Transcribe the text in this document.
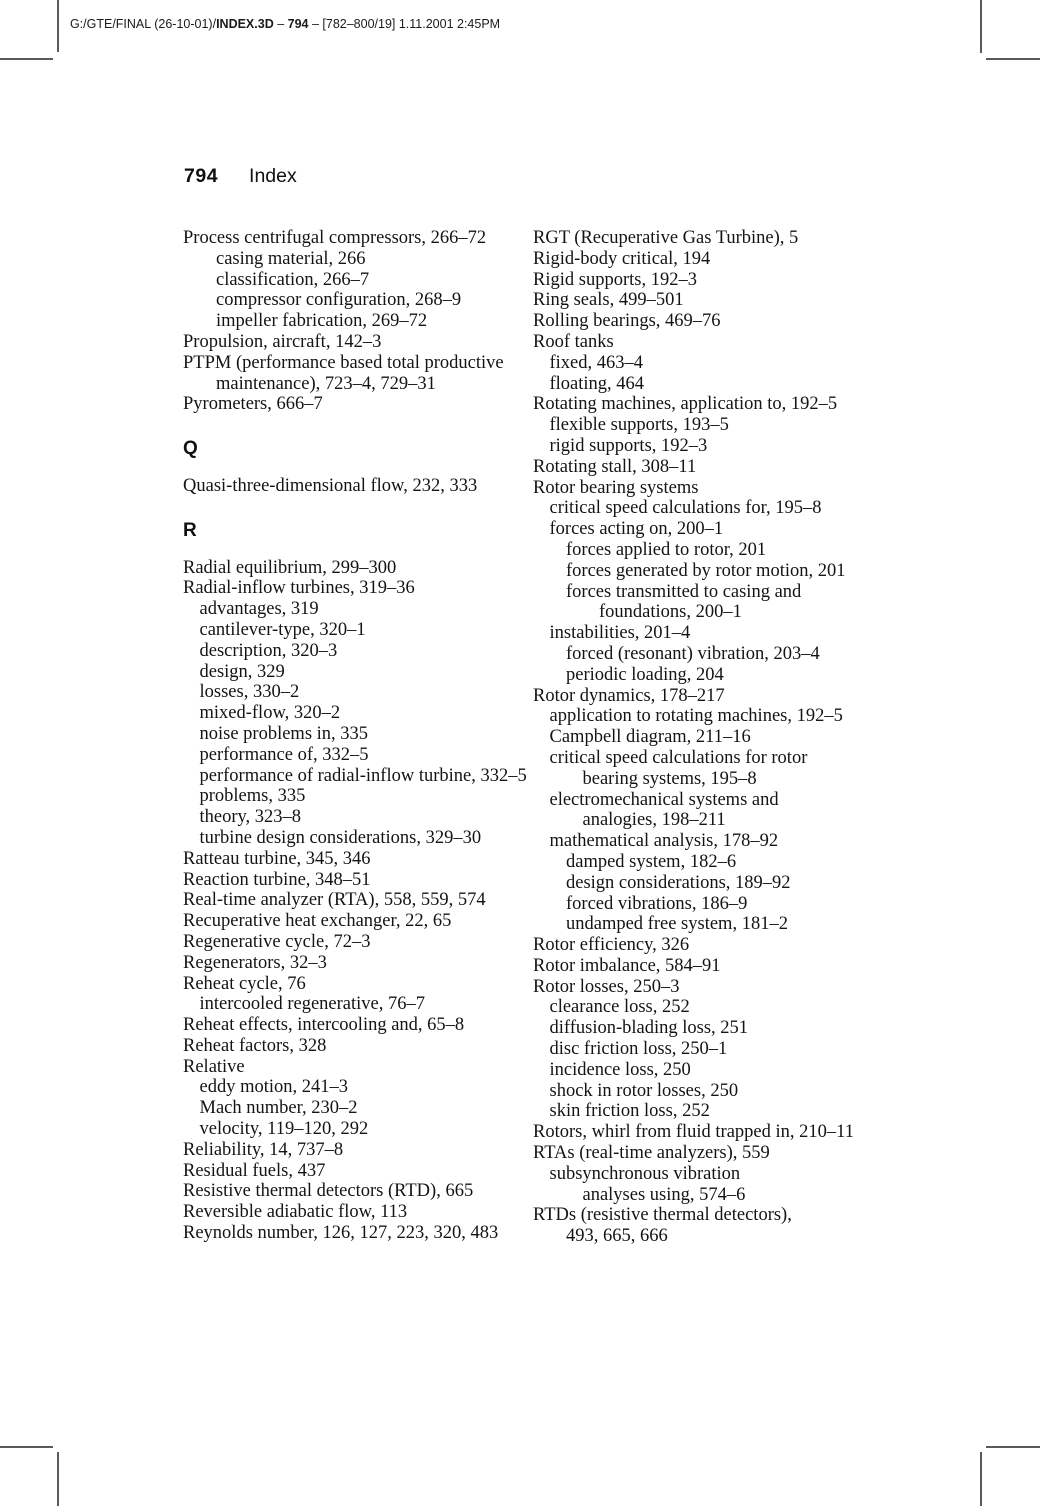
G:/GTE/FINAL (26-10-01)/INDEX.3D – 794 – [782–800/19] 1.11.2001 2:45PM

794 Index
Process centrifugal compressors, 266–72
casing material, 266
classification, 266–7
compressor configuration, 268–9
impeller fabrication, 269–72
Propulsion, aircraft, 142–3
PTPM (performance based total productive
maintenance), 723–4, 729–31
Pyrometers, 666–7
Q
Quasi-three-dimensional flow, 232, 333
R
Radial equilibrium, 299–300
Radial-inflow turbines, 319–36
advantages, 319
cantilever-type, 320–1
description, 320–3
design, 329
losses, 330–2
mixed-flow, 320–2
noise problems in, 335
performance of, 332–5
performance of radial-inflow turbine, 332–5
problems, 335
theory, 323–8
turbine design considerations, 329–30
Ratteau turbine, 345, 346
Reaction turbine, 348–51
Real-time analyzer (RTA), 558, 559, 574
Recuperative heat exchanger, 22, 65
Regenerative cycle, 72–3
Regenerators, 32–3
Reheat cycle, 76
intercooled regenerative, 76–7
Reheat effects, intercooling and, 65–8
Reheat factors, 328
Relative
eddy motion, 241–3
Mach number, 230–2
velocity, 119–120, 292
Reliability, 14, 737–8
Residual fuels, 437
Resistive thermal detectors (RTD), 665
Reversible adiabatic flow, 113
Reynolds number, 126, 127, 223, 320, 483
RGT (Recuperative Gas Turbine), 5
Rigid-body critical, 194
Rigid supports, 192–3
Ring seals, 499–501
Rolling bearings, 469–76
Roof tanks
fixed, 463–4
floating, 464
Rotating machines, application to, 192–5
flexible supports, 193–5
rigid supports, 192–3
Rotating stall, 308–11
Rotor bearing systems
critical speed calculations for, 195–8
forces acting on, 200–1
forces applied to rotor, 201
forces generated by rotor motion, 201
forces transmitted to casing and
foundations, 200–1
instabilities, 201–4
forced (resonant) vibration, 203–4
periodic loading, 204
Rotor dynamics, 178–217
application to rotating machines, 192–5
Campbell diagram, 211–16
critical speed calculations for rotor
bearing systems, 195–8
electromechanical systems and
analogies, 198–211
mathematical analysis, 178–92
damped system, 182–6
design considerations, 189–92
forced vibrations, 186–9
undamped free system, 181–2
Rotor efficiency, 326
Rotor imbalance, 584–91
Rotor losses, 250–3
clearance loss, 252
diffusion-blading loss, 251
disc friction loss, 250–1
incidence loss, 250
shock in rotor losses, 250
skin friction loss, 252
Rotors, whirl from fluid trapped in, 210–11
RTAs (real-time analyzers), 559
subsynchronous vibration
analyses using, 574–6
RTDs (resistive thermal detectors),
493, 665, 666
